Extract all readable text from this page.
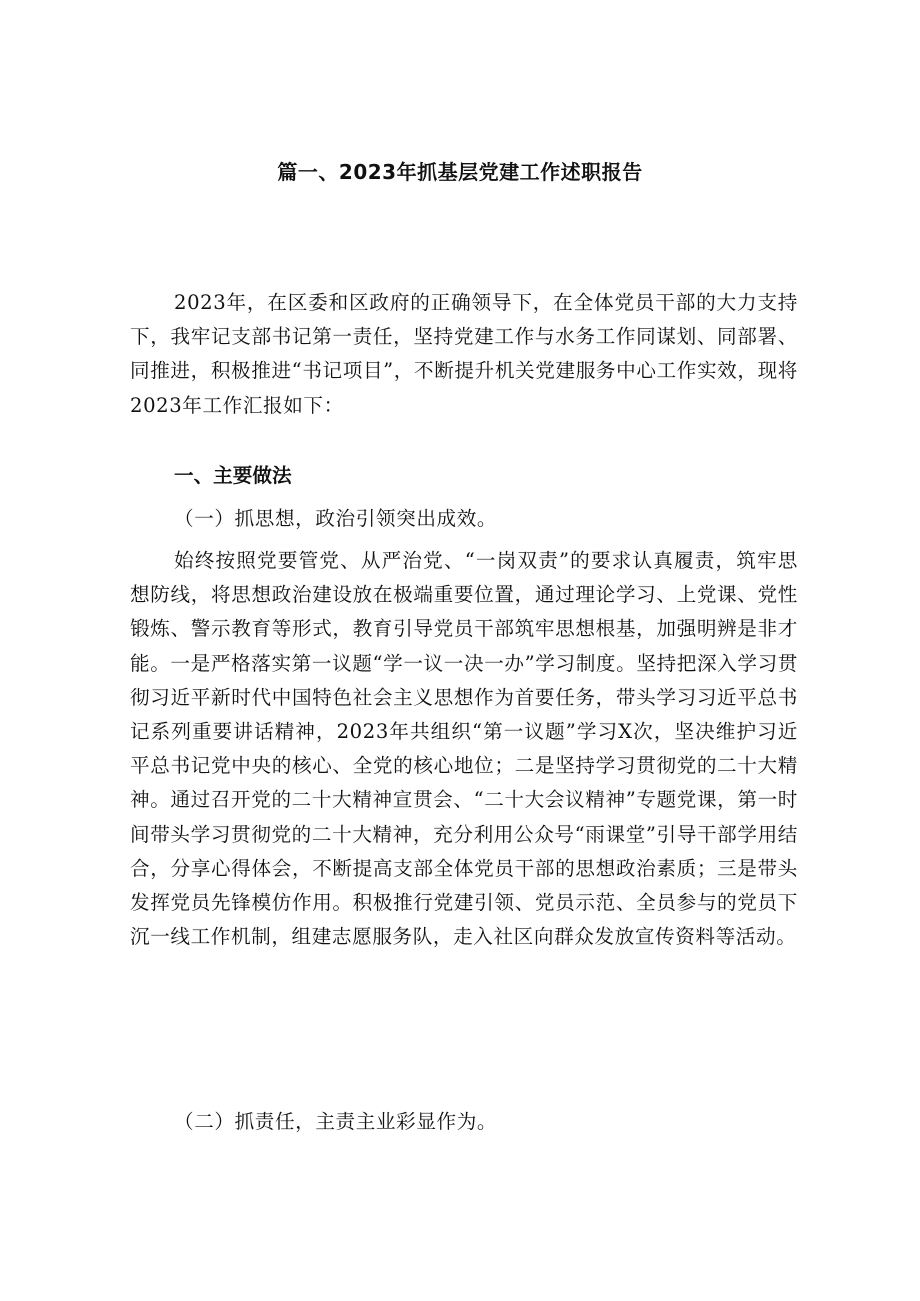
篇一、2023年抓基层党建工作述职报告
2023年，在区委和区政府的正确领导下，在全体党员干部的大力支持下，我牢记支部书记第一责任，坚持党建工作与水务工作同谋划、同部署、同推进，积极推进“书记项目”，不断提升机关党建服务中心工作实效，现将2023年工作汇报如下：
一、主要做法
（一）抓思想，政治引领突出成效。
始终按照党要管党、从严治党、“一岗双责”的要求认真履责，筑牢思想防线，将思想政治建设放在极端重要位置，通过理论学习、上党课、党性锻炼、警示教育等形式，教育引导党员干部筑牢思想根基，加强明辨是非才能。一是严格落实第一议题“学一议一决一办”学习制度。坚持把深入学习贯彻习近平新时代中国特色社会主义思想作为首要任务，带头学习习近平总书记系列重要讲话精神，2023年共组织“第一议题”学习X次，坚决维护习近平总书记党中央的核心、全党的核心地位；二是坚持学习贯彻党的二十大精神。通过召开党的二十大精神宣贯会、“二十大会议精神”专题党课，第一时间带头学习贯彻党的二十大精神，充分利用公众号“雨课堂”引导干部学用结合，分享心得体会，不断提高支部全体党员干部的思想政治素质；三是带头发挥党员先锋模仿作用。积极推行党建引领、党员示范、全员参与的党员下沉一线工作机制，组建志愿服务队，走入社区向群众发放宣传资料等活动。
（二）抓责任，主责主业彩显作为。
